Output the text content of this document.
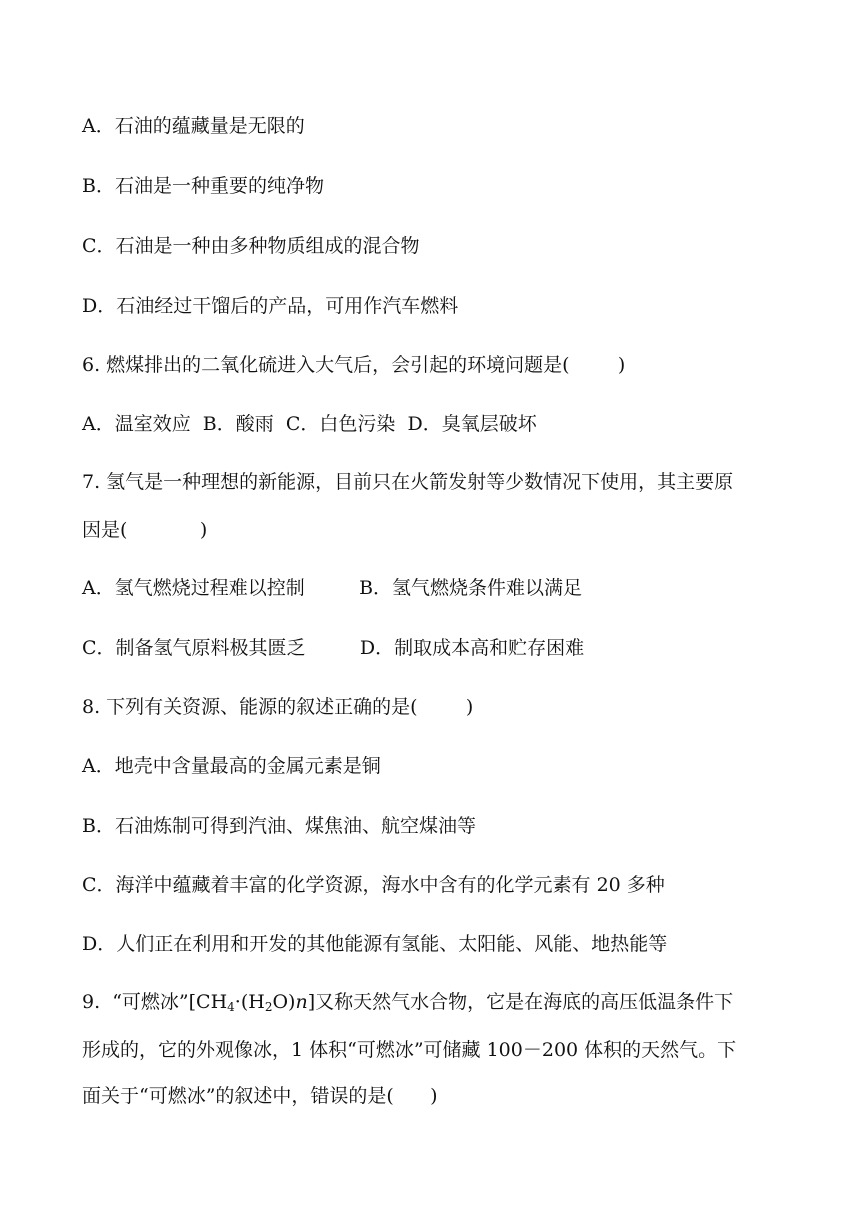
A．石油的蕴藏量是无限的
B．石油是一种重要的纯净物
C．石油是一种由多种物质组成的混合物
D．石油经过干馏后的产品，可用作汽车燃料
6. 燃煤排出的二氧化硫进入大气后，会引起的环境问题是(        )
A．温室效应  B．酸雨  C．白色污染  D．臭氧层破坏
7. 氢气是一种理想的新能源，目前只在火箭发射等少数情况下使用，其主要原
因是(            )
A．氢气燃烧过程难以控制         B．氢气燃烧条件难以满足
C．制备氢气原料极其匮乏         D．制取成本高和贮存困难
8. 下列有关资源、能源的叙述正确的是(        )
A．地壳中含量最高的金属元素是铜
B．石油炼制可得到汽油、煤焦油、航空煤油等
C．海洋中蕴藏着丰富的化学资源，海水中含有的化学元素有 20 多种
D．人们正在利用和开发的其他能源有氢能、太阳能、风能、地热能等
9.  “可燃冰$”[CH_4\cdot(H_2O)n]$又称天然气水合物，它是在海底的高压低温条件下
形成的，它的外观像冰，1 体积“可燃冰”可储藏 100－200 体积的天然气。下
面关于“可燃冰”的叙述中，错误的是(      )
